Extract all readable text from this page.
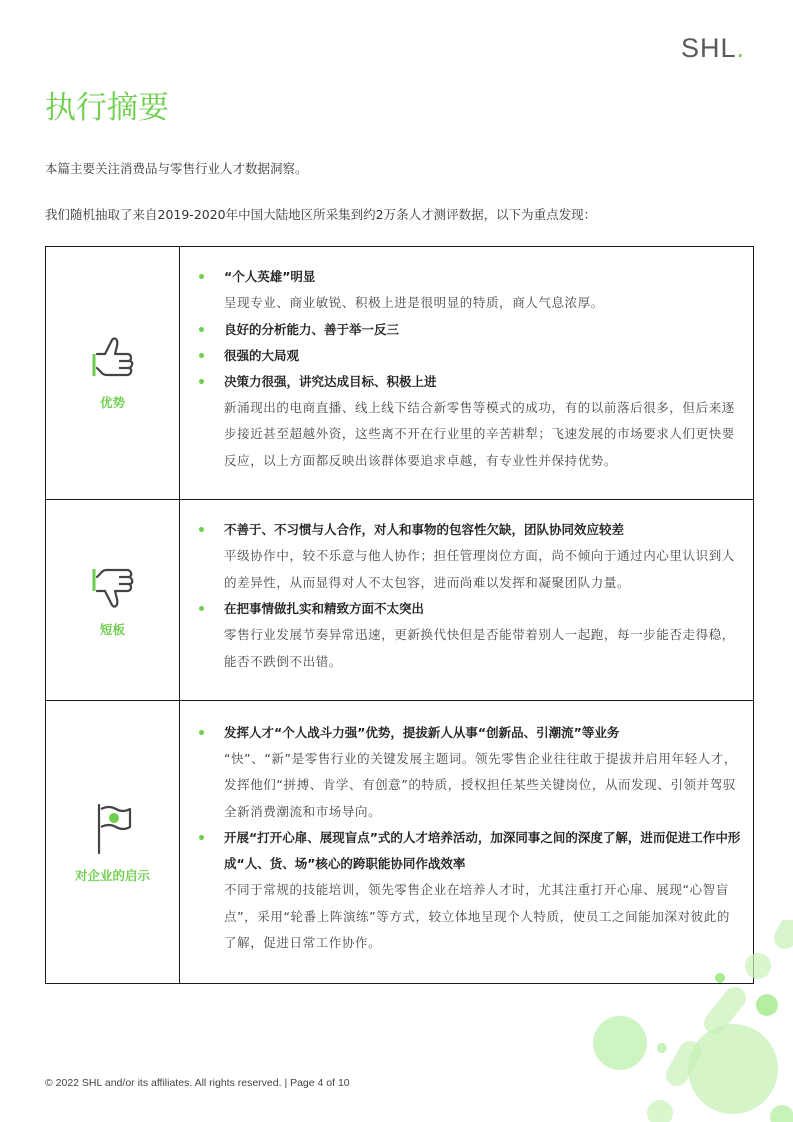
SHL.
执行摘要
本篇主要关注消费品与零售行业人才数据洞察。
我们随机抽取了来自2019-2020年中国大陆地区所采集到约2万条人才测评数据，以下为重点发现：
优势	
“个人英雄”明显
呈现专业、商业敏锐、积极上进是很明显的特质，商人气息浓厚。
良好的分析能力、善于举一反三
很强的大局观
决策力很强，讲究达成目标、积极上进
新涌现出的电商直播、线上线下结合新零售等模式的成功，有的以前落后很多，但后来逐步接近甚至超越外资，这些离不开在行业里的辛苦耕犁；飞速发展的市场要求人们更快要反应，以上方面都反映出该群体要追求卓越，有专业性并保持优势。

短板	
不善于、不习惯与人合作，对人和事物的包容性欠缺，团队协同效应较差
平级协作中，较不乐意与他人协作；担任管理岗位方面，尚不倾向于通过内心里认识到人的差异性，从而显得对人不太包容，进而尚难以发挥和凝聚团队力量。
在把事情做扎实和精致方面不太突出
零售行业发展节奏异常迅速，更新换代快但是否能带着别人一起跑，每一步能否走得稳，能否不跌倒不出错。

对企业的启示	
发挥人才“个人战斗力强”优势，提拔新人从事“创新品、引潮流”等业务
“快”、“新”是零售行业的关键发展主题词。领先零售企业往往敢于提拔并启用年轻人才，发挥他们“拼搏、肯学、有创意”的特质，授权担任某些关键岗位，从而发现、引领并驾驭全新消费潮流和市场导向。
开展“打开心扉、展现盲点”式的人才培养活动，加深同事之间的深度了解，进而促进工作中形成“人、货、场”核心的跨职能协同作战效率
不同于常规的技能培训，领先零售企业在培养人才时，尤其注重打开心扉、展现“心智盲点”，采用“轮番上阵演练”等方式，较立体地呈现个人特质，使员工之间能加深对彼此的了解，促进日常工作协作。
© 2022 SHL and/or its affiliates. All rights reserved. | Page 4 of 10
